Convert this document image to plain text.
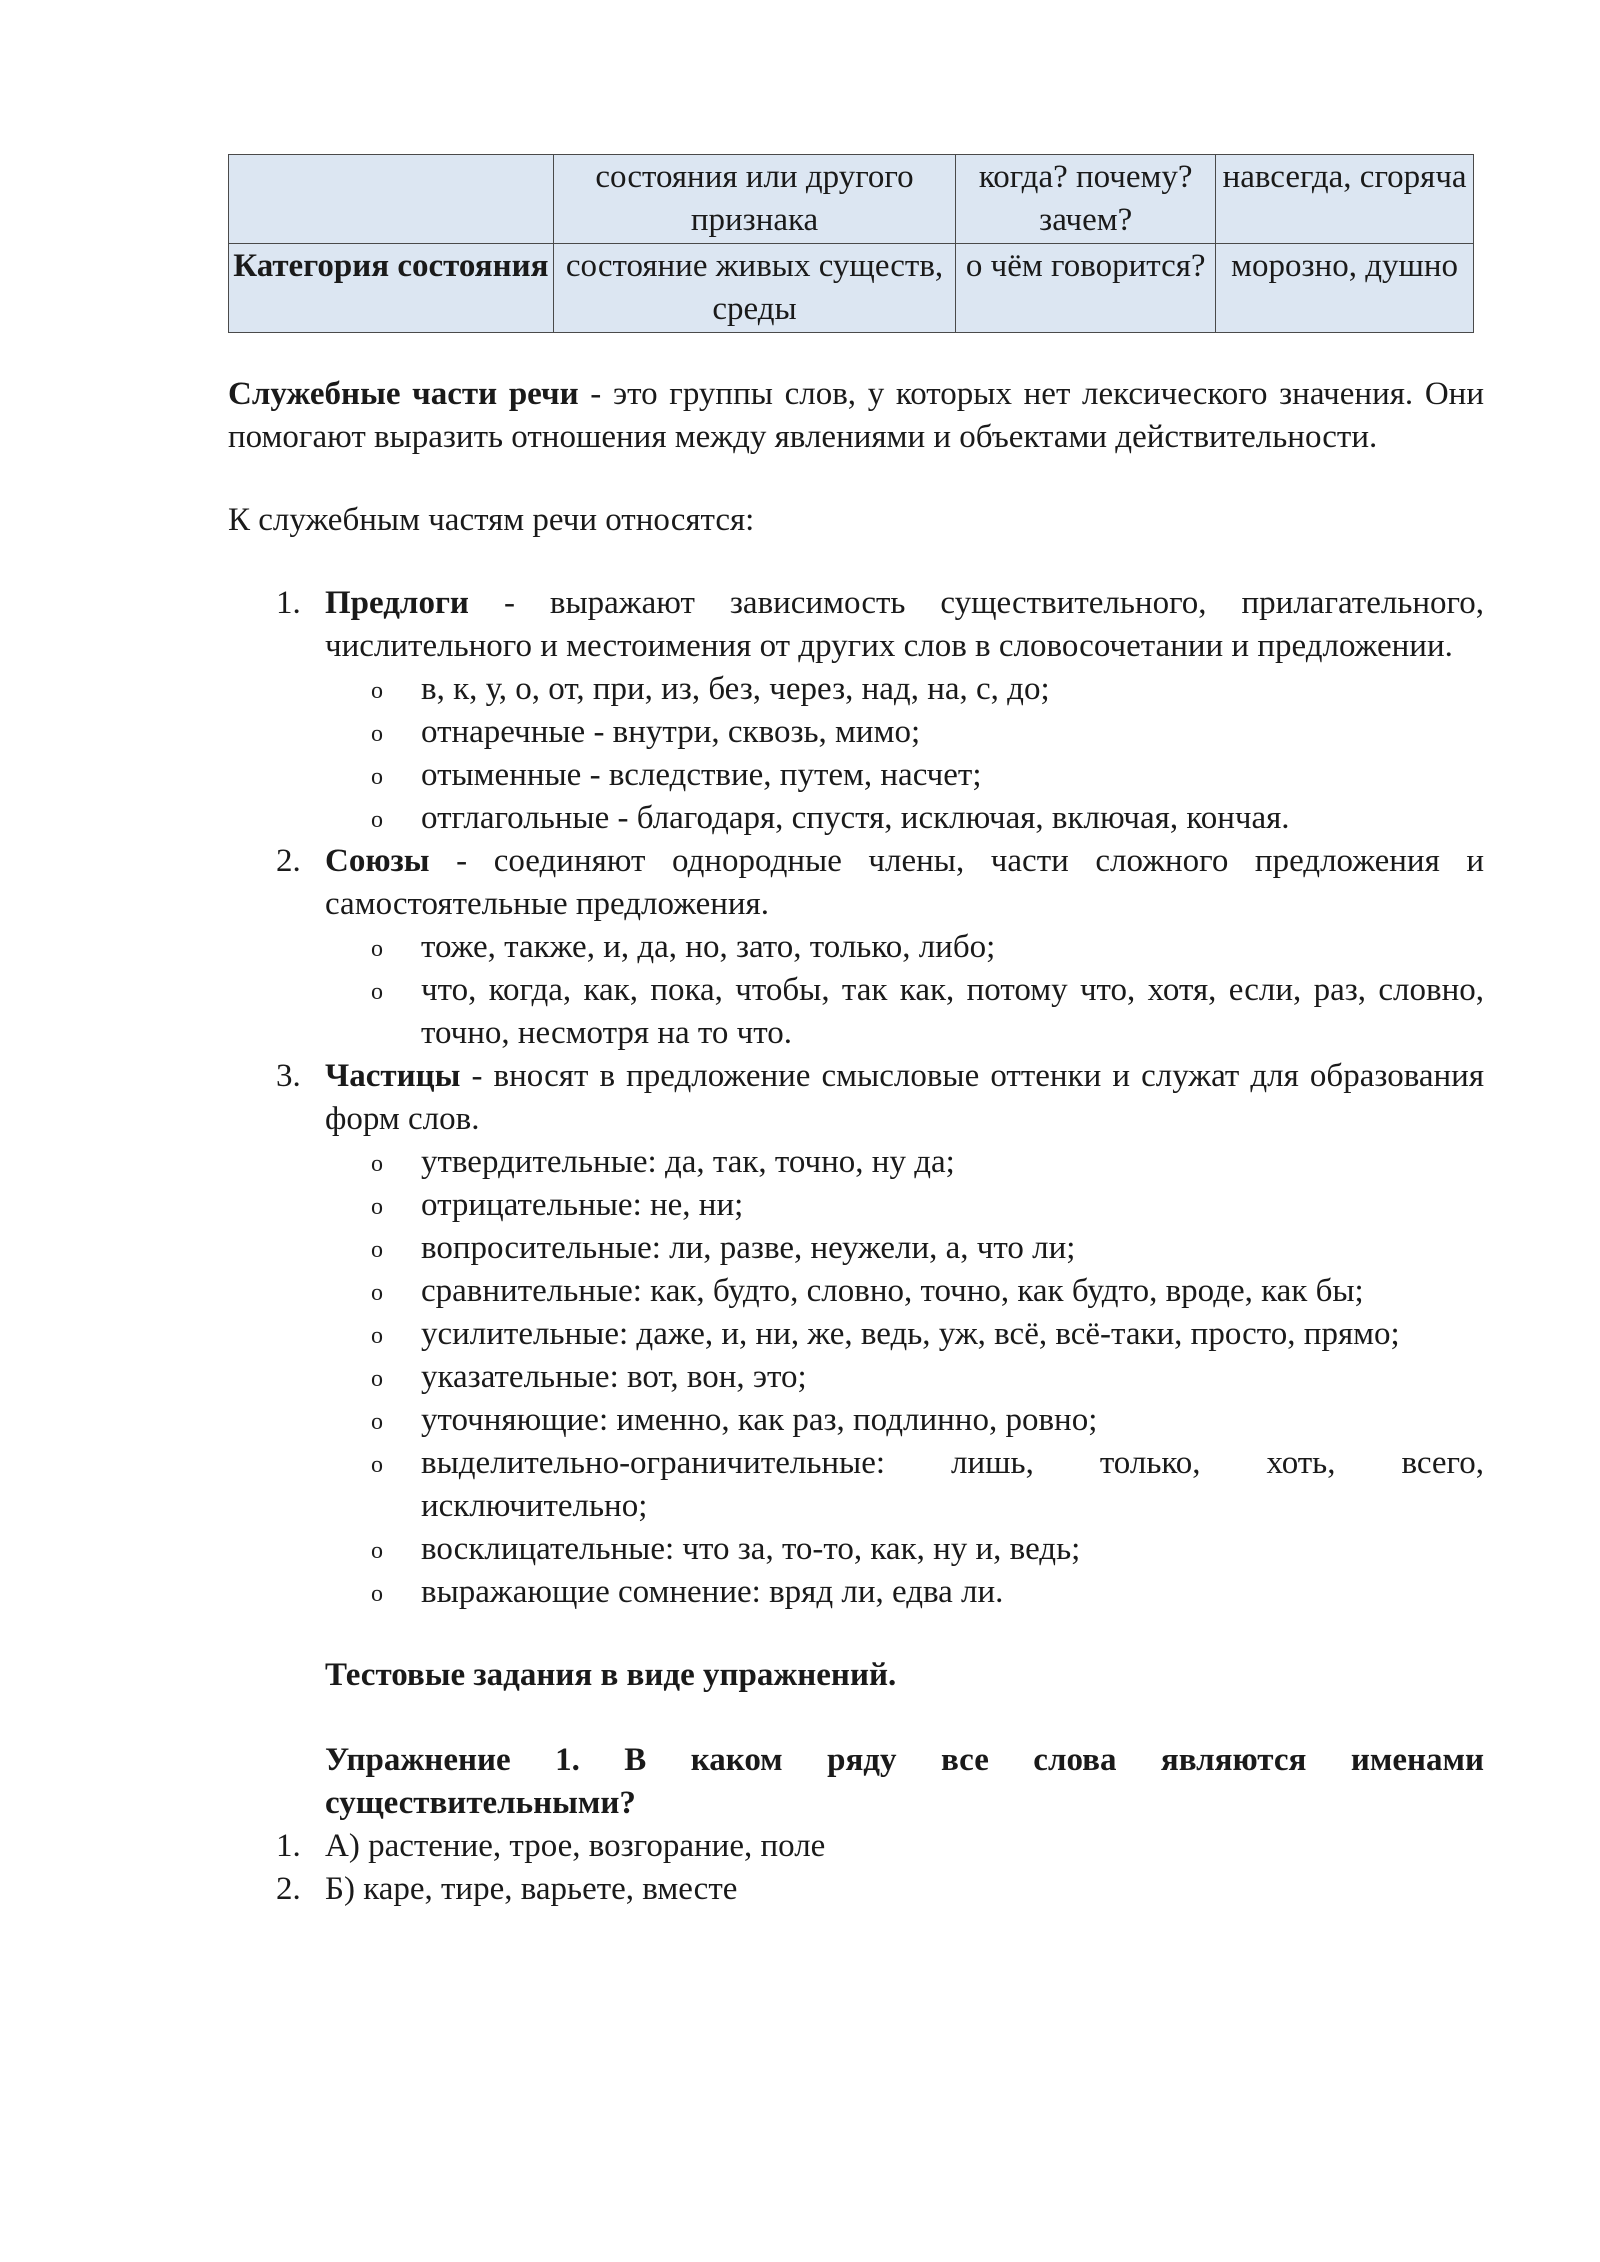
	состояния или другого признака	когда? почему? зачем?	навсегда, сгоряча
Категория состояния	состояние живых существ, среды	о чём говорится?	морозно, душно

Служебные части речи - это группы слов, у которых нет лексического значения. Они помогают выразить отношения между явлениями и объектами действительности.

К служебным частям речи относятся:

1. Предлоги - выражают зависимость существительного, прилагательного, числительного и местоимения от других слов в словосочетании и предложении.

o в, к, у, о, от, при, из, без, через, над, на, с, до;

o отнаречные - внутри, сквозь, мимо;

o отыменные - вследствие, путем, насчет;

o отглагольные - благодаря, спустя, исключая, включая, кончая.

2. Союзы - соединяют однородные члены, части сложного предложения и самостоятельные предложения.

o тоже, также, и, да, но, зато, только, либо;

o что, когда, как, пока, чтобы, так как, потому что, хотя, если, раз, словно, точно, несмотря на то что.

3. Частицы - вносят в предложение смысловые оттенки и служат для образования форм слов.

o утвердительные: да, так, точно, ну да;

o отрицательные: не, ни;

o вопросительные: ли, разве, неужели, а, что ли;

o сравнительные: как, будто, словно, точно, как будто, вроде, как бы;

o усилительные: даже, и, ни, же, ведь, уж, всё, всё-таки, просто, прямо;

o указательные: вот, вон, это;

o уточняющие: именно, как раз, подлинно, ровно;

o выделительно-ограничительные: лишь, только, хоть, всего, исключительно;

o восклицательные: что за, то-то, как, ну и, ведь;

o выражающие сомнение: вряд ли, едва ли.

Тестовые задания в виде упражнений.

Упражнение 1. В каком ряду все слова являются именами существительными?

1. А) растение, трое, возгорание, поле

2. Б) каре, тире, варьете, вместе
